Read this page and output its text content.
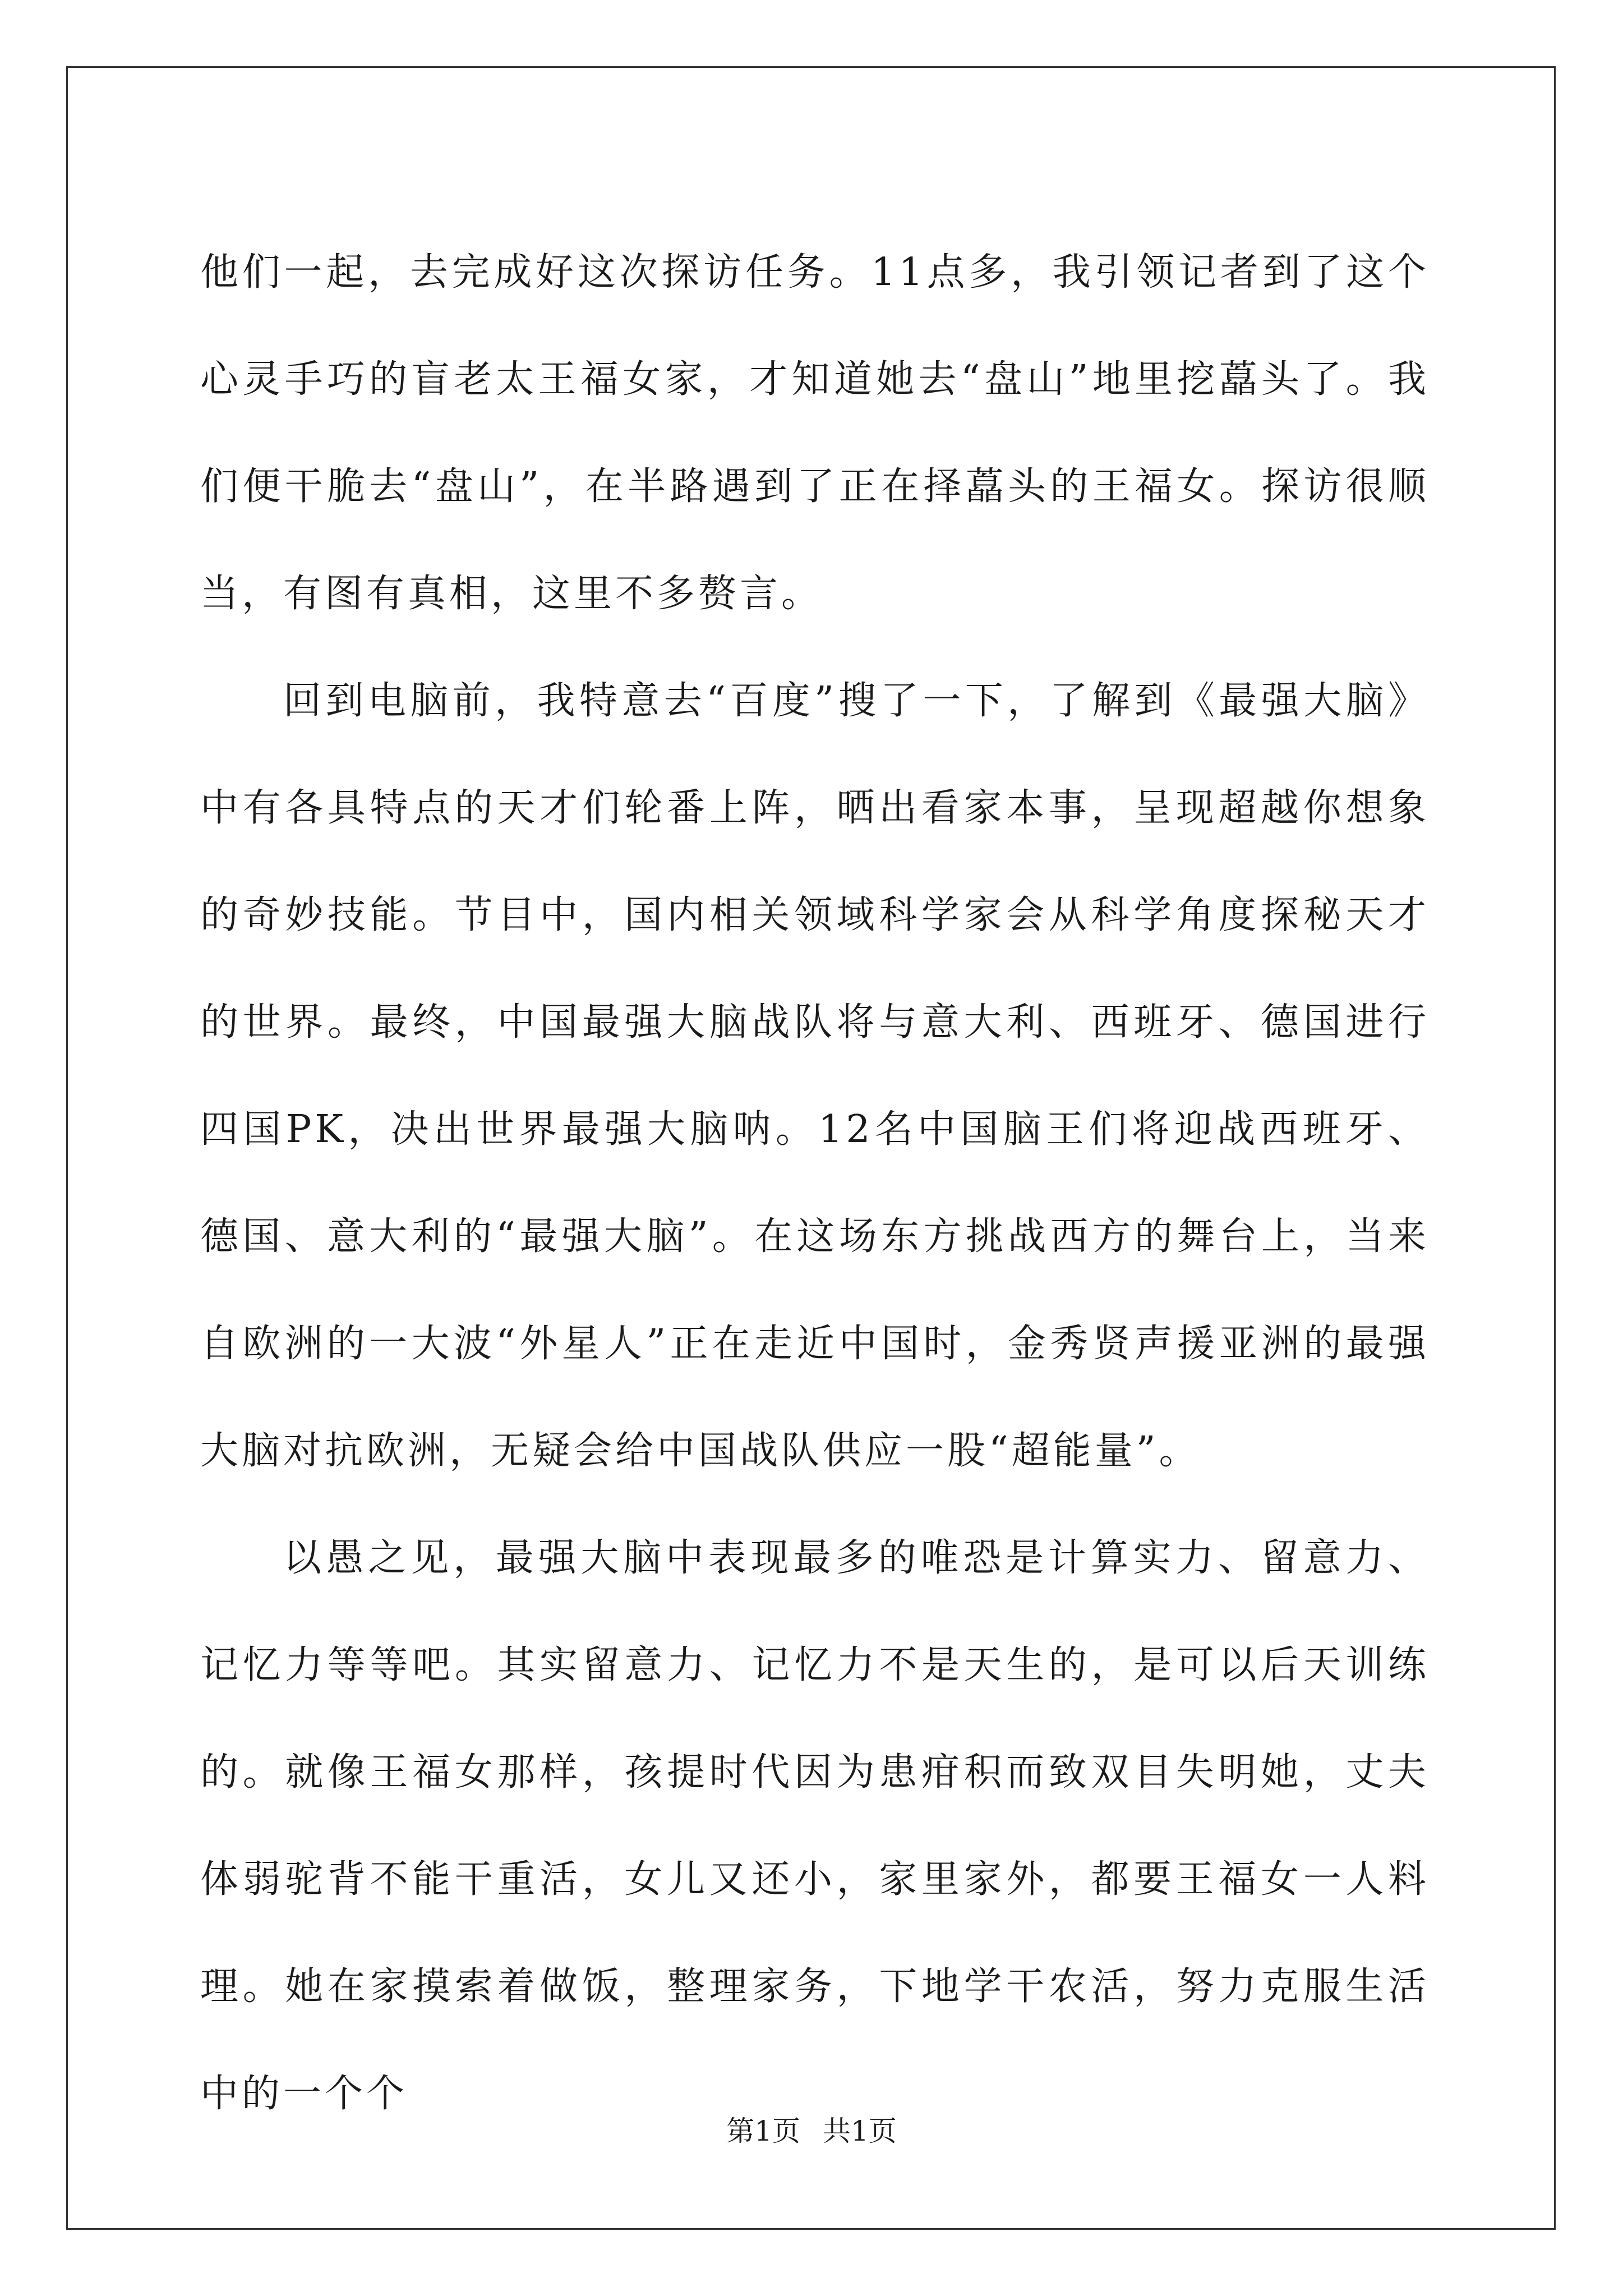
他们一起，去完成好这次探访任务。11点多，我引领记者到了这个心灵手巧的盲老太王福女家，才知道她去“盘山”地里挖藠头了。我们便干脆去“盘山”，在半路遇到了正在择藠头的王福女。探访很顺当，有图有真相，这里不多赘言。

回到电脑前，我特意去“百度”搜了一下，了解到《最强大脑》中有各具特点的天才们轮番上阵，晒出看家本事，呈现超越你想象的奇妙技能。节目中，国内相关领域科学家会从科学角度探秘天才的世界。最终，中国最强大脑战队将与意大利、西班牙、德国进行四国PK，决出世界最强大脑呐。12名中国脑王们将迎战西班牙、德国、意大利的“最强大脑”。在这场东方挑战西方的舞台上，当来自欧洲的一大波“外星人”正在走近中国时，金秀贤声援亚洲的最强大脑对抗欧洲，无疑会给中国战队供应一股“超能量”。

以愚之见，最强大脑中表现最多的唯恐是计算实力、留意力、记忆力等等吧。其实留意力、记忆力不是天生的，是可以后天训练的。就像王福女那样，孩提时代因为患疳积而致双目失明她，丈夫体弱驼背不能干重活，女儿又还小，家里家外，都要王福女一人料理。她在家摸索着做饭，整理家务，下地学干农活，努力克服生活中的一个个

第1页 共1页
